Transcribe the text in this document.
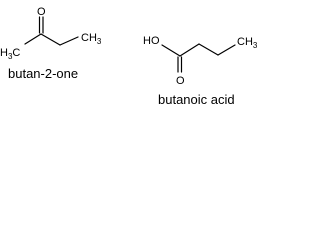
O
$H_3C$
$CH_3$
butan-2-one
HO
O
$CH_3$
butanoic acid
